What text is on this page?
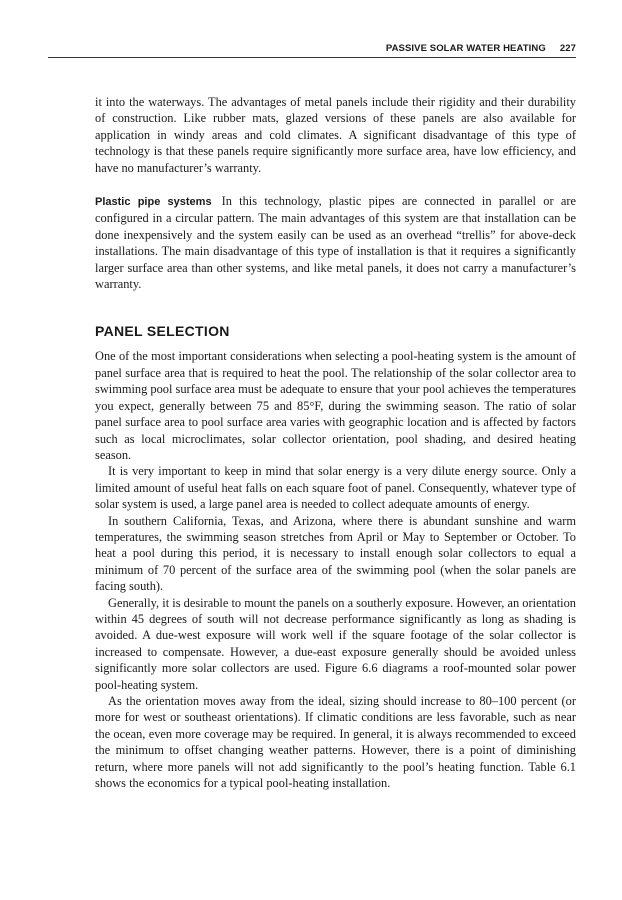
PASSIVE SOLAR WATER HEATING 227

it into the waterways. The advantages of metal panels include their rigidity and their durability of construction. Like rubber mats, glazed versions of these panels are also available for application in windy areas and cold climates. A significant disadvantage of this type of technology is that these panels require significantly more surface area, have low efficiency, and have no manufacturer’s warranty.

Plastic pipe systems In this technology, plastic pipes are connected in parallel or are configured in a circular pattern. The main advantages of this system are that installation can be done inexpensively and the system easily can be used as an overhead “trellis” for above-deck installations. The main disadvantage of this type of installation is that it requires a significantly larger surface area than other systems, and like metal panels, it does not carry a manufacturer’s warranty.

PANEL SELECTION

One of the most important considerations when selecting a pool-heating system is the amount of panel surface area that is required to heat the pool. The relationship of the solar collector area to swimming pool surface area must be adequate to ensure that your pool achieves the temperatures you expect, generally between 75 and 85°F, during the swimming season. The ratio of solar panel surface area to pool surface area varies with geographic location and is affected by factors such as local microclimates, solar collector orientation, pool shading, and desired heating season.

It is very important to keep in mind that solar energy is a very dilute energy source. Only a limited amount of useful heat falls on each square foot of panel. Consequently, whatever type of solar system is used, a large panel area is needed to collect adequate amounts of energy.

In southern California, Texas, and Arizona, where there is abundant sunshine and warm temperatures, the swimming season stretches from April or May to September or October. To heat a pool during this period, it is necessary to install enough solar collectors to equal a minimum of 70 percent of the surface area of the swimming pool (when the solar panels are facing south).

Generally, it is desirable to mount the panels on a southerly exposure. However, an orientation within 45 degrees of south will not decrease performance significantly as long as shading is avoided. A due-west exposure will work well if the square footage of the solar collector is increased to compensate. However, a due-east exposure generally should be avoided unless significantly more solar collectors are used. Figure 6.6 diagrams a roof-mounted solar power pool-heating system.

As the orientation moves away from the ideal, sizing should increase to 80–100 percent (or more for west or southeast orientations). If climatic conditions are less favorable, such as near the ocean, even more coverage may be required. In general, it is always recommended to exceed the minimum to offset changing weather patterns. However, there is a point of diminishing return, where more panels will not add significantly to the pool’s heating function. Table 6.1 shows the economics for a typical pool-heating installation.
